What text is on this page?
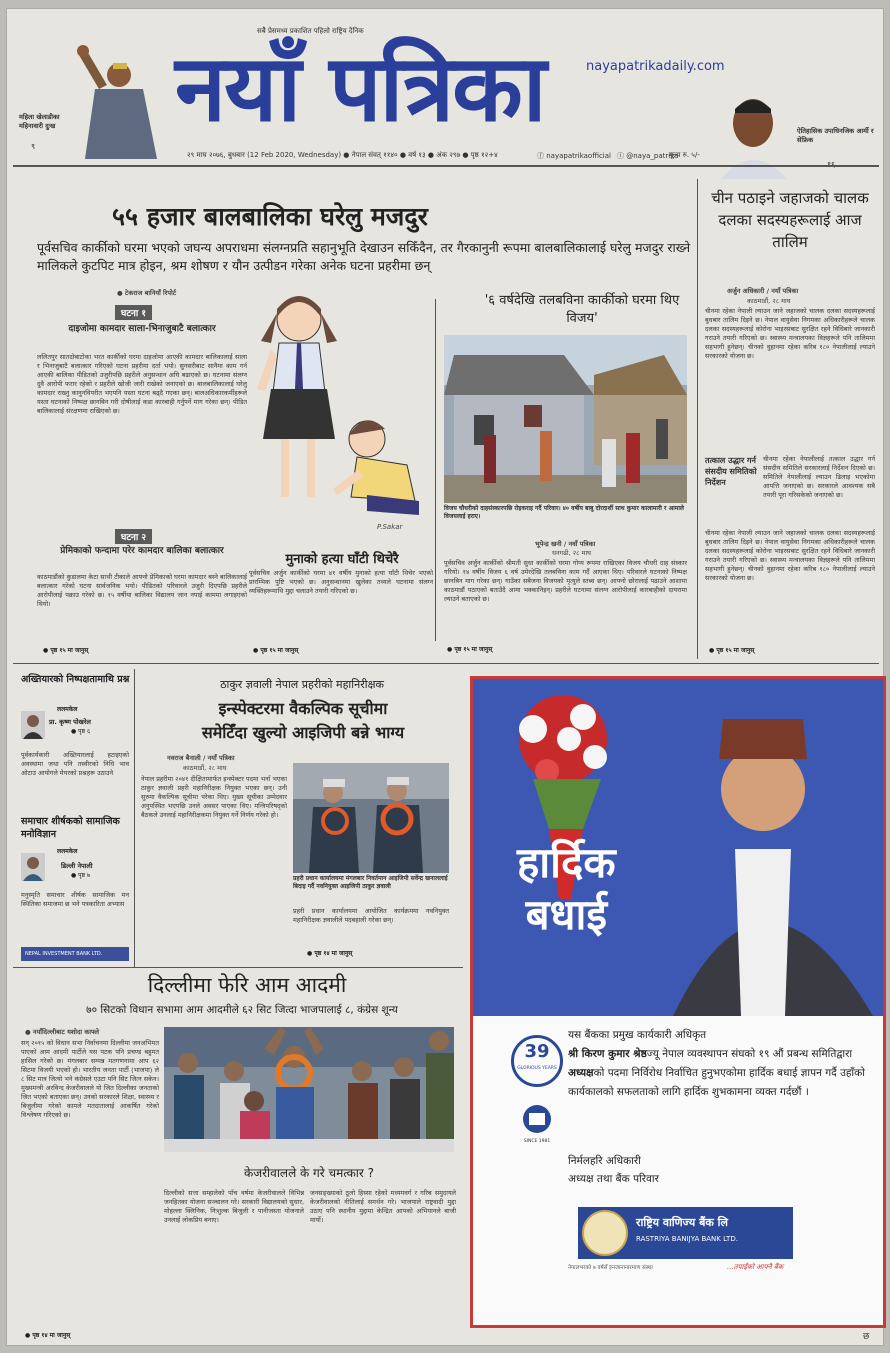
महिला खेलाडीका महिनावारी दुःख
९
सबैे प्रेसमध्य प्रकाशित पहिलो राष्ट्रिय दैनिक
नयाँ पत्रिका	nayapatrikadaily.com
ऐतिहासिक उपाधिनजिक आर्मी र सेफ्रिक
२९ माघ २०७६, बुधबार (12 Feb 2020, Wednesday) ● नेपाल संवत् ११४० ● वर्ष १३ ● अंक २९७ ● पृष्ठ १२+४	ⓕ nayapatrikaofficial ⓣ @naya_patrika
मूल्य रु. ५/-
५५ हजार बालबालिका घरेलु मजदुर
पूर्वसचिव कार्कीको घरमा भएको जघन्य अपराधमा संलग्नप्रति सहानुभूति देखाउन सकिँदैन, तर गैरकानुनी रूपमा बालबालिकालाई घरेलु मजदुर राख्ने मालिकले कुटपिट मात्र होइन, श्रम शोषण र यौन उत्पीडन गरेका अनेक घटना प्रहरीमा छन्
● टेकराज बानियाँ रिपोर्ट
घटना १
दाइजोमा कामदार साला-भिनाजुबाटै बलात्कार
ललितपुर सातदोबाटोका भरत कार्कीको घरमा दाइजोमा आएकी कामदार बालिकालाई साला र भिनाजुबाटै बलात्कार गरिएको घटना प्रहरीमा दर्ता भयो। सुनसरीबाट सानैमा काम गर्न आएकी बालिका पीडितको उजुरीपछि प्रहरीले अनुसन्धान अघि बढाएको छ। घटनामा संलग्न दुवै आरोपी फरार रहेको र प्रहरीले खोजी जारी राखेको जनाएको छ। बालबालिकालाई घरेलु कामदार राख्नु कानुनविपरीत भएपनि यस्ता घटना बढ्दै गएका छन्। बालअधिकारकर्मीहरूले यस्ता घटनाको निष्पक्ष छानबिन गरी दोषीलाई कडा कारबाही गर्नुपर्ने माग गरेका छन्। पीडित बालिकालाई संरक्षणमा राखिएको छ।
घटना २
प्रेमिकाको फन्दामा परेर कामदार बालिका बलात्कार
काठमाडौंको कुडालमा केटा साथी टीकाले आफ्नो प्रेमिकाको घरमा कामदार बस्ने बालिकालाई बलात्कार गरेको घटना सार्वजनिक भयो। पीडितको परिवारले उजुरी दिएपछि प्रहरीले आरोपीलाई पक्राउ गरेको छ। १५ वर्षीया बालिका विद्यालय जान नपाई काममा लगाइएको थियो।
● पृष्ठ १५ मा जानुस्
P.Sakar
'६ वर्षदेखि तलबविना कार्कीको घरमा थिए विजय'
विजय चौधरीको दाहसंस्कारपछि रोइकराइ गर्दै परिवार। ४० वर्षीय बाबु दोरदार्शी साथ कुमार कालामारी र आमाले विजयलाई हराए।
भूपेन्द्र खनी / नवाँ पत्रिका
धनगढी, २८ माघ
पूर्वसचिव अर्जुन कार्कीको श्रीमती सुधा कार्कीको घरमा गोप्य रूपमा राखिएका विजय चौधरी दाह संस्कार गरियो। १४ वर्षीय विजय ६ वर्ष उमेरदेखि तलबविना काम गर्दै आएका थिए। परिवारले घटनाको निष्पक्ष छानबिन माग गरेका छन्। गाउँका सबैजना विजयको मृत्युले स्तब्ध छन्। आफ्नो छोरालाई पढाउने आशामा काठमाडौं पठाएको बताउँदै आमा भक्कानिइन्। प्रहरीले घटनामा संलग्न आरोपीलाई कारबाहीको दायरामा ल्याउने बताएको छ।
● पृष्ठ १५ मा जानुस्
मुनाको हत्या घाँटी थिचेरै
पूर्वसचिव अर्जुन कार्कीको घरमा ४१ वर्षीय मुनाको हत्या घाँटी थिचेर भएको प्रारम्भिक पुष्टि भएको छ। अनुसन्धानमा खुलेका तथ्यले घटनामा संलग्न व्यक्तिहरूमाथि मुद्दा चलाउने तयारी गरिएको छ।
● पृष्ठ १५ मा जानुस्
चीन पठाइने जहाजको चालक दलका सदस्यहरूलाई आज तालिम
अर्जुन अधिकारी / नयाँ पत्रिका
काठमाडौं, २८ माघ
चीनमा रहेका नेपाली ल्याउन जाने जहाजको चालक दलका सदस्यहरूलाई बुधबार तालिम दिइने छ। नेपाल वायुसेवा निगमका अधिकारीहरूले चालक दलका सदस्यहरूलाई कोरोना भाइरसबाट सुरक्षित रहने विधिबारे जानकारी गराउने तयारी गरिएको छ। स्वास्थ्य मन्त्रालयका विज्ञहरूले पनि तालिममा सहभागी हुनेछन्। चीनको वुहानमा रहेका करिब १८० नेपालीलाई ल्याउने सरकारको योजना छ।
तत्काल उद्धार गर्न संसदीय समितिको निर्देशन
चीनमा रहेका नेपालीलाई तत्काल उद्धार गर्न संसदीय समितिले सरकारलाई निर्देशन दिएको छ। समितिले नेपालीलाई ल्याउन ढिलाइ भएकोमा आपत्ति जनाएको छ। सरकारले आवश्यक सबै तयारी पूरा गरिसकेको जनाएको छ।
चीनमा रहेका नेपाली ल्याउन जाने जहाजको चालक दलका सदस्यहरूलाई बुधबार तालिम दिइने छ। नेपाल वायुसेवा निगमका अधिकारीहरूले चालक दलका सदस्यहरूलाई कोरोना भाइरसबाट सुरक्षित रहने विधिबारे जानकारी गराउने तयारी गरिएको छ। स्वास्थ्य मन्त्रालयका विज्ञहरूले पनि तालिममा सहभागी हुनेछन्। चीनको वुहानमा रहेका करिब १८० नेपालीलाई ल्याउने सरकारको योजना छ।
● पृष्ठ १५ मा जानुस्
अख्तियारको निष्पक्षतामाथि प्रश्न
ललमकेल
प्रा. कृष्ण पोखरेल
● पृष्ठ ६
पूर्वकार्यकारी अख्तियारलाई हटाइएको अवस्थामा जथा पनि तस्वीरको निधि भाव ओटाउ आयोगले मेयरको प्रश्नहरू उठाउने
समाचार शीर्षकको सामाजिक मनोविज्ञान
ललमकेल
डिल्ली नेपाली
● पृष्ठ ७
मनुस्मृति समाचार शीर्षक सामाजिक मन स्थितिका समाजमा छ भने पत्रकारिता अभ्यास
NEPAL INVESTMENT BANK LTD.
ठाकुर ज्ञवाली नेपाल प्रहरीको महानिरीक्षक
इन्स्पेक्टरमा वैकल्पिक सूचीमा
समेटिँदा खुल्यो आइजिपी बन्ने भाग्य
नवराज बैनाली / नयाँ पत्रिका
काठमाडौं, २८ माघ
नेपाल प्रहरीमा २०४१ दीक्षितामार्फत इन्स्पेक्टर पदमा भर्ना भएका ठाकुर ज्ञवाली प्रहरी महानिरीक्षक नियुक्त भएका छन्। उनी सुरुमा वैकल्पिक सूचीमा परेका थिए। मुख्य सूचीका उम्मेदवार अनुपस्थित भएपछि उनले अवसर पाएका थिए। मन्त्रिपरिषद्को बैठकले उनलाई महानिरीक्षकमा नियुक्त गर्ने निर्णय गरेको हो।
प्रहरी प्रधान कार्यालयमा मंगलबार निवर्तमान आइजिपी सर्वेन्द्र खनाललाई बिदाइ गर्दै नवनियुक्त आइजिपी ठाकुर ज्ञवाली
प्रहरी प्रधान कार्यालयमा आयोजित कार्यक्रममा नवनियुक्त महानिरीक्षक ज्ञवालीले पदबहाली गरेका छन्।
● पृष्ठ १४ मा जानुस्
दिल्लीमा फेरि आम आदमी
७० सिटको विधान सभामा आम आदमीले ६२ सिट जित्दा भाजपालाई ८, कंग्रेस शून्य
● नयाँदिल्लीबाट यशोदा काफ्ले
सन् २०१५ को विधान सभा निर्वाचनमा दिल्लीमा जनअभिमत पाएको आम आदमी पार्टीले यस पटक पनि प्रचण्ड बहुमत हासिल गरेको छ। मंगलबार सम्पन्न मतगणनामा आप ६२ सिटमा विजयी भएको हो। भारतीय जनता पार्टी (भाजपा) ले ८ सिट मात्र जित्यो भने कंग्रेसले एउटा पनि सिट जित्न सकेन। मुख्यमन्त्री अरविन्द केजरीवालले यो जित दिल्लीका जनताको जित भएको बताएका छन्। उनको सरकारले शिक्षा, स्वास्थ्य र बिजुलीमा गरेको कामले मतदातालाई आकर्षित गरेको विश्लेषण गरिएको छ।
● पृष्ठ १४ मा जानुस्
केजरीवालले के गरे चमत्कार ?
दिल्लीको सत्ता सम्हालेको पाँच वर्षमा केजरीवालले विभिन्न जनहितका योजना सञ्चालन गरे। सरकारी विद्यालयको सुधार, मोहल्ला क्लिनिक, निःशुल्क बिजुली र पानीजस्ता योजनाले उनलाई लोकप्रिय बनाए।
जनसङ्ख्याको ठूलो हिस्सा रहेको मध्यमवर्ग र गरिब समुदायले केजरीवालको नीतिलाई समर्थन गरे। भाजपाले राष्ट्रवादी मुद्दा उठाए पनि स्थानीय मुद्दामा केन्द्रित आपको अभियानले बाजी मार्यो।
हार्दिक
बधाई
39
GLORIOUS YEARS
SINCE 1981
यस बैंकका प्रमुख कार्यकारी अधिकृत
श्री किरण कुमार श्रेष्ठज्यू नेपाल व्यवस्थापन संघको १९ औं प्रबन्ध समितिद्वारा अध्यक्षको पदमा निर्विरोध निर्वाचित हुनुभएकोमा हार्दिक बधाई ज्ञापन गर्दै उहाँको कार्यकालको सफलताको लागि हार्दिक शुभकामना व्यक्त गर्दछौं ।
निर्मलहरि अधिकारी
अध्यक्ष तथा बैंक परिवार
राष्ट्रिय वाणिज्य बैंक लि
RASTRIYA BANIJYA BANK LTD.
नेपालभरको ७ वर्षसँ इनजानानारमाण संस्था	...तपाईंको आफ्नै बैंक
छ
